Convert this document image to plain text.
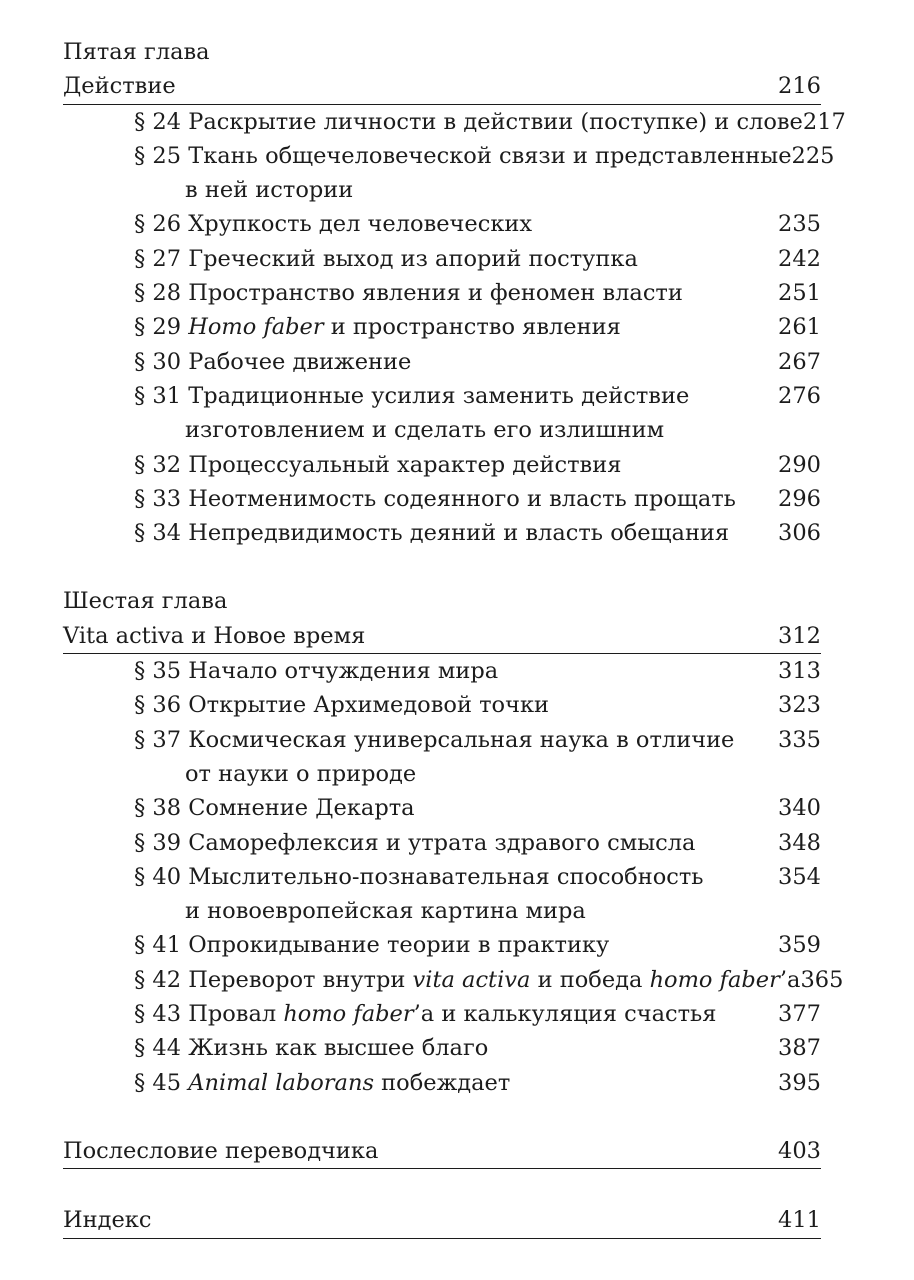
Пятая глава
Действие	216
§ 24 Раскрытие личности в действии (поступке) и слове 217
§ 25 Ткань общечеловеческой связи и представленные 225
в ней истории
§ 26 Хрупкость дел человеческих	235
§ 27 Греческий выход из апорий поступка	242
§ 28 Пространство явления и феномен власти	251
§ 29 Homo faber и пространство явления	261
§ 30 Рабочее движение	267
§ 31 Традиционные усилия заменить действие	276
изготовлением и сделать его излишним
§ 32 Процессуальный характер действия	290
§ 33 Неотменимость содеянного и власть прощать	296
§ 34 Непредвидимость деяний и власть обещания	306
Шестая глава
Vita activa и Новое время	312
§ 35 Начало отчуждения мира	313
§ 36 Открытие Архимедовой точки	323
§ 37 Космическая универсальная наука в отличие	335
от науки о природе
§ 38 Сомнение Декарта	340
§ 39 Саморефлексия и утрата здравого смысла	348
§ 40 Мыслительно-познавательная способность	354
и новоевропейская картина мира
§ 41 Опрокидывание теории в практику	359
§ 42 Переворот внутри vita activa и победа homo faber’а 365
§ 43 Провал homo faber’а и калькуляция счастья	377
§ 44 Жизнь как высшее благо	387
§ 45 Animal laborans побеждает	395
Послесловие переводчика	403
Индекс	411
